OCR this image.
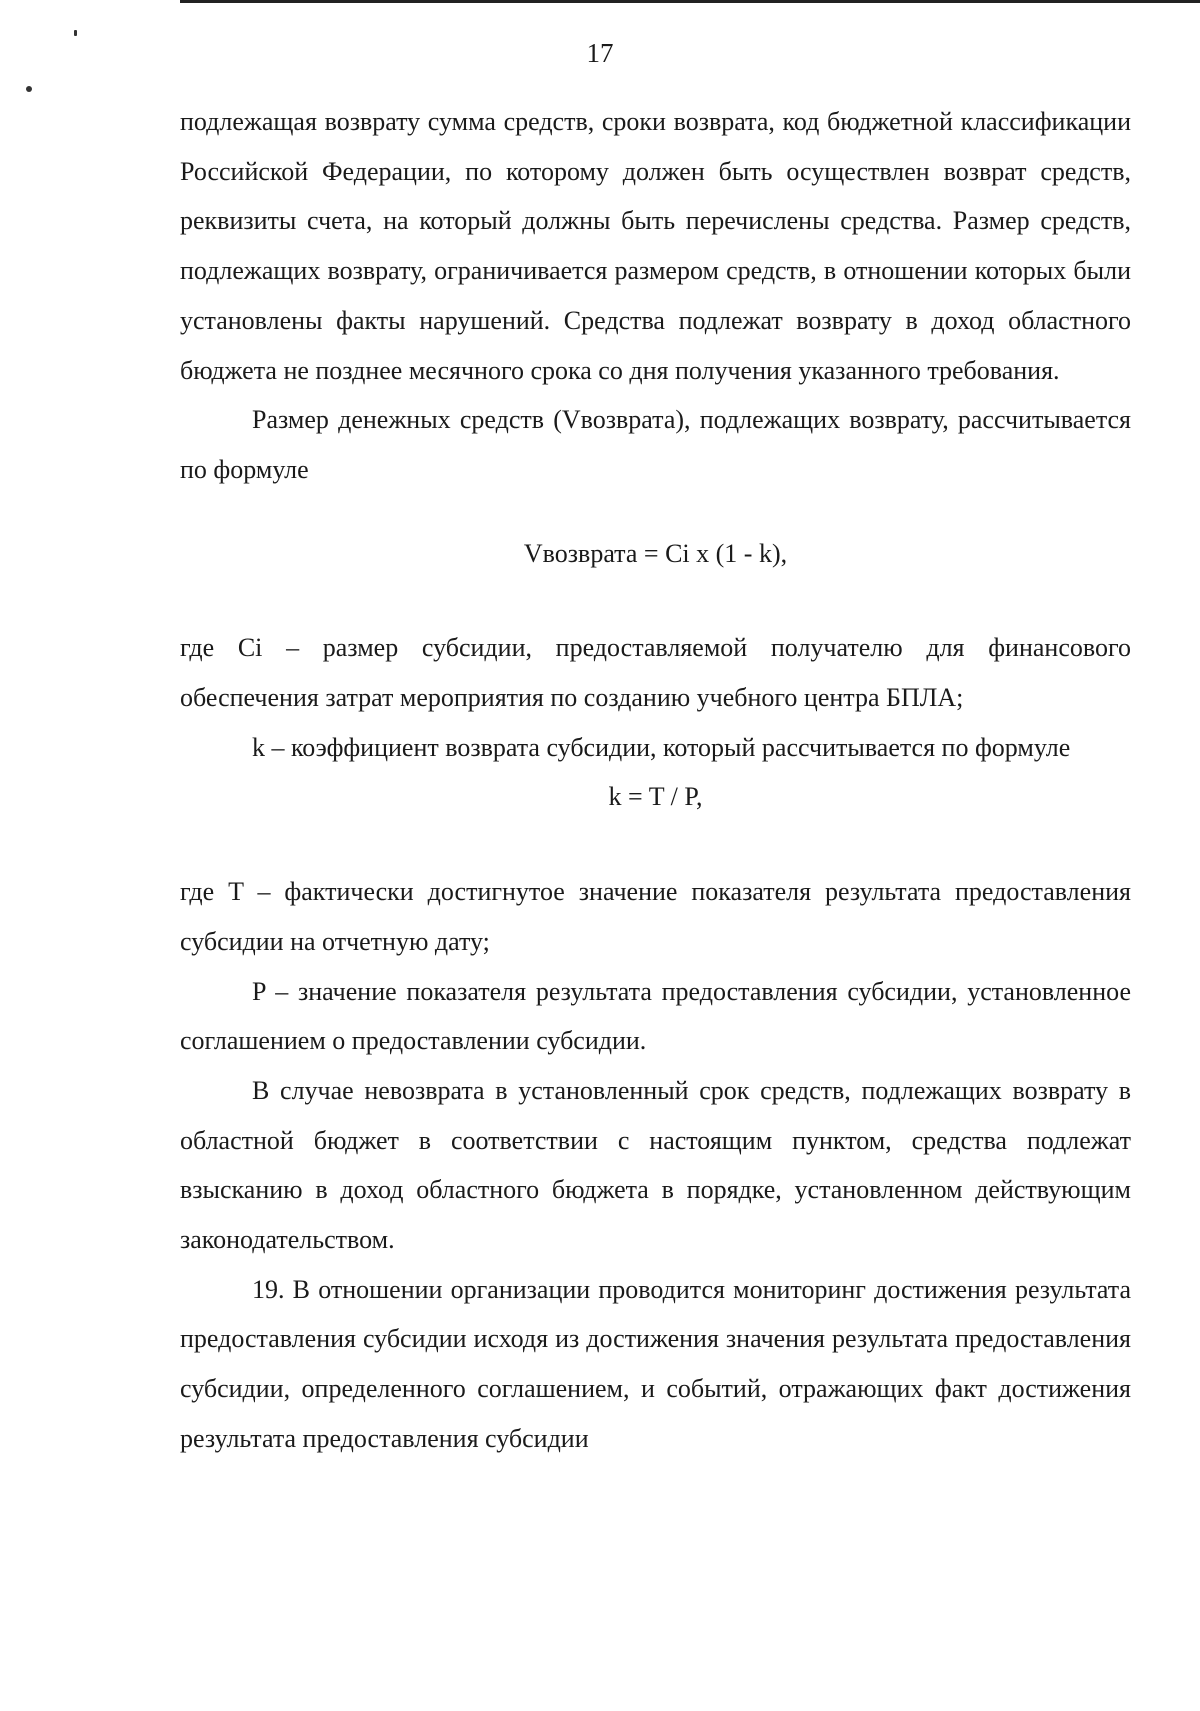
17

подлежащая возврату сумма средств, сроки возврата, код бюджетной классификации Российской Федерации, по которому должен быть осуществлен возврат средств, реквизиты счета, на который должны быть перечислены средства. Размер средств, подлежащих возврату, ограничивается размером средств, в отношении которых были установлены факты нарушений. Средства подлежат возврату в доход областного бюджета не позднее месячного срока со дня получения указанного требования.

Размер денежных средств (Vвозврата), подлежащих возврату, рассчитывается по формуле

Vвозврата = Ci x (1 - k),

где Ci – размер субсидии, предоставляемой получателю для финансового обеспечения затрат мероприятия по созданию учебного центра БПЛА;

k – коэффициент возврата субсидии, который рассчитывается по формуле

k = T / P,

где T – фактически достигнутое значение показателя результата предоставления субсидии на отчетную дату;

P – значение показателя результата предоставления субсидии, установленное соглашением о предоставлении субсидии.

В случае невозврата в установленный срок средств, подлежащих возврату в областной бюджет в соответствии с настоящим пунктом, средства подлежат взысканию в доход областного бюджета в порядке, установленном действующим законодательством.

19. В отношении организации проводится мониторинг достижения результата предоставления субсидии исходя из достижения значения результата предоставления субсидии, определенного соглашением, и событий, отражающих факт достижения результата предоставления субсидии
